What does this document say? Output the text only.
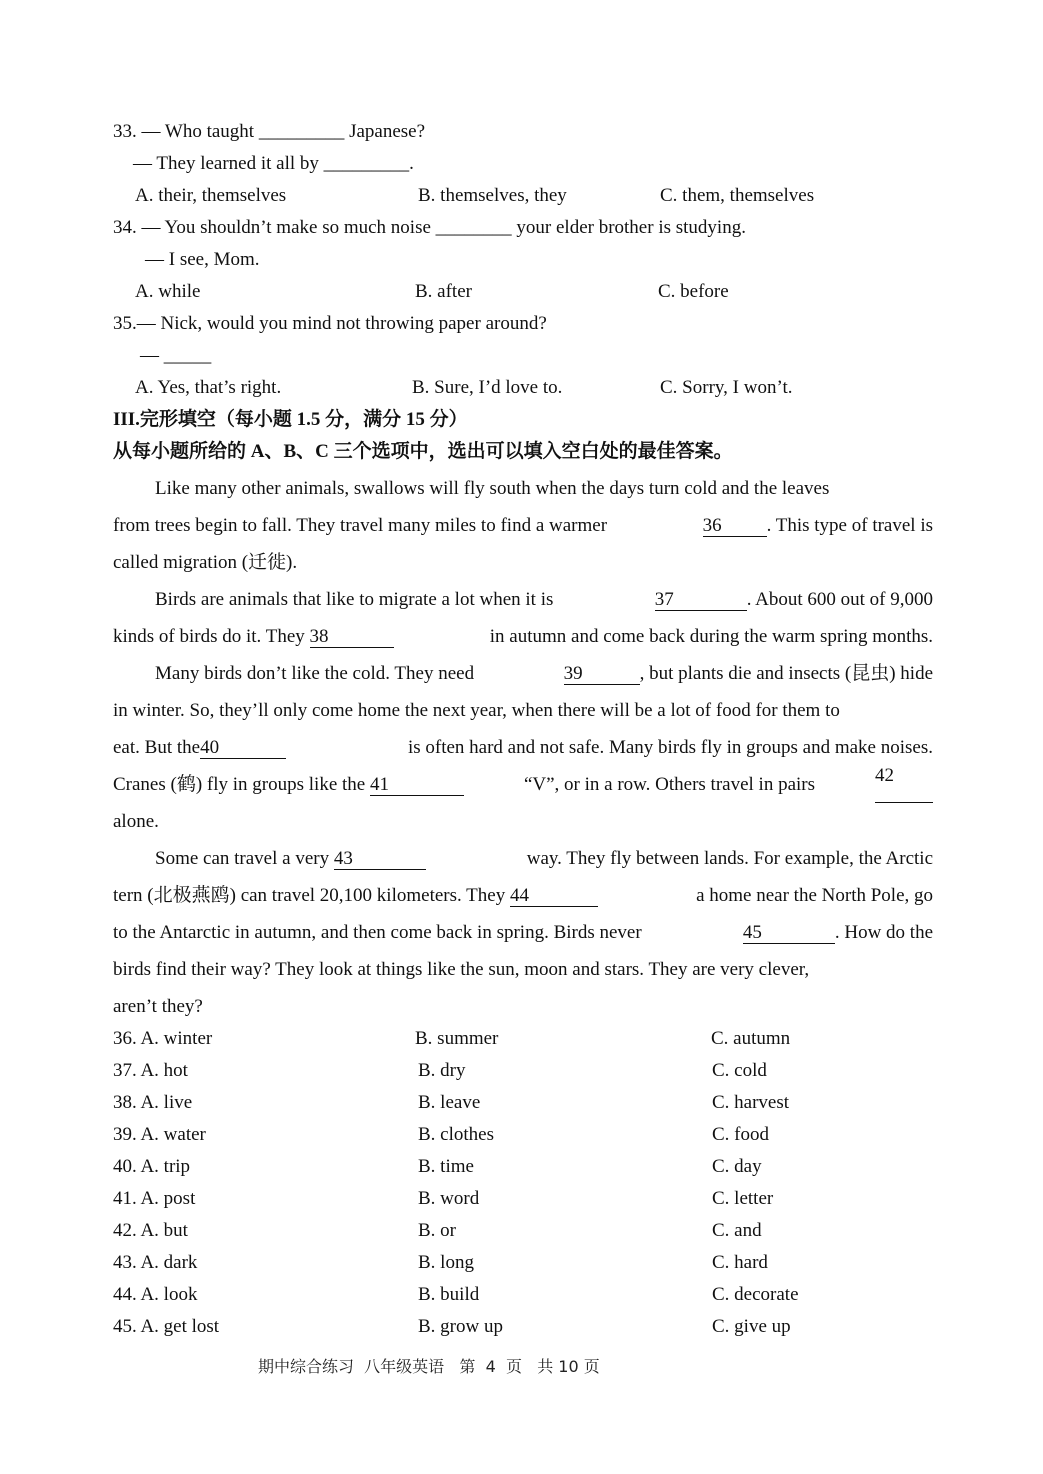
33. — Who taught _________ Japanese?
— They learned it all by _________.
A. their, themselves	B. themselves, they	C. them, themselves
34. — You shouldn’t make so much noise ________ your elder brother is studying.
— I see, Mom.
A. while	B. after	C. before
35.— Nick, would you mind not throwing paper around?
— _____
A. Yes, that’s right.	B. Sure, I’d love to.	C. Sorry, I won’t.
III.完形填空（每小题 1.5 分，满分 15 分）
从每小题所给的 A、B、C 三个选项中，选出可以填入空白处的最佳答案。
Like many other animals, swallows will fly south when the days turn cold and the leaves
from trees begin to fall. They travel many miles to find a warmer	36 . This type of travel is
called migration (迁徙).
Birds are animals that like to migrate a lot when it is	37	. About 600 out of 9,000
kinds of birds do it. They 38	in autumn and come back during the warm spring months.
Many birds don’t like the cold. They need	39	, but plants die and insects (昆虫) hide
in winter. So, they’ll only come home the next year, when there will be a lot of food for them to
eat. But the40	is often hard and not safe. Many birds fly in groups and make noises.
Cranes (鹤) fly in groups like the 41	“V”, or in a row. Others travel in pairs	42
alone.
Some can travel a very 43	way. They fly between lands. For example, the Arctic
tern (北极燕鸥) can travel 20,100 kilometers. They 44	a home near the North Pole, go
to the Antarctic in autumn, and then come back in spring. Birds never	45	. How do the
birds find their way? They look at things like the sun, moon and stars. They are very clever,
aren’t they?
36. A. winter	B. summer	C. autumn
37. A. hot	B. dry	C. cold
38. A. live	B. leave	C. harvest
39. A. water	B. clothes	C. food
40. A. trip	B. time	C. day
41. A. post	B. word	C. letter
42. A. but	B. or	C. and
43. A. dark	B. long	C. hard
44. A. look	B. build	C. decorate
45. A. get lost	B. grow up	C. give up
期中综合练习  八年级英语   第  4  页   共 10 页
